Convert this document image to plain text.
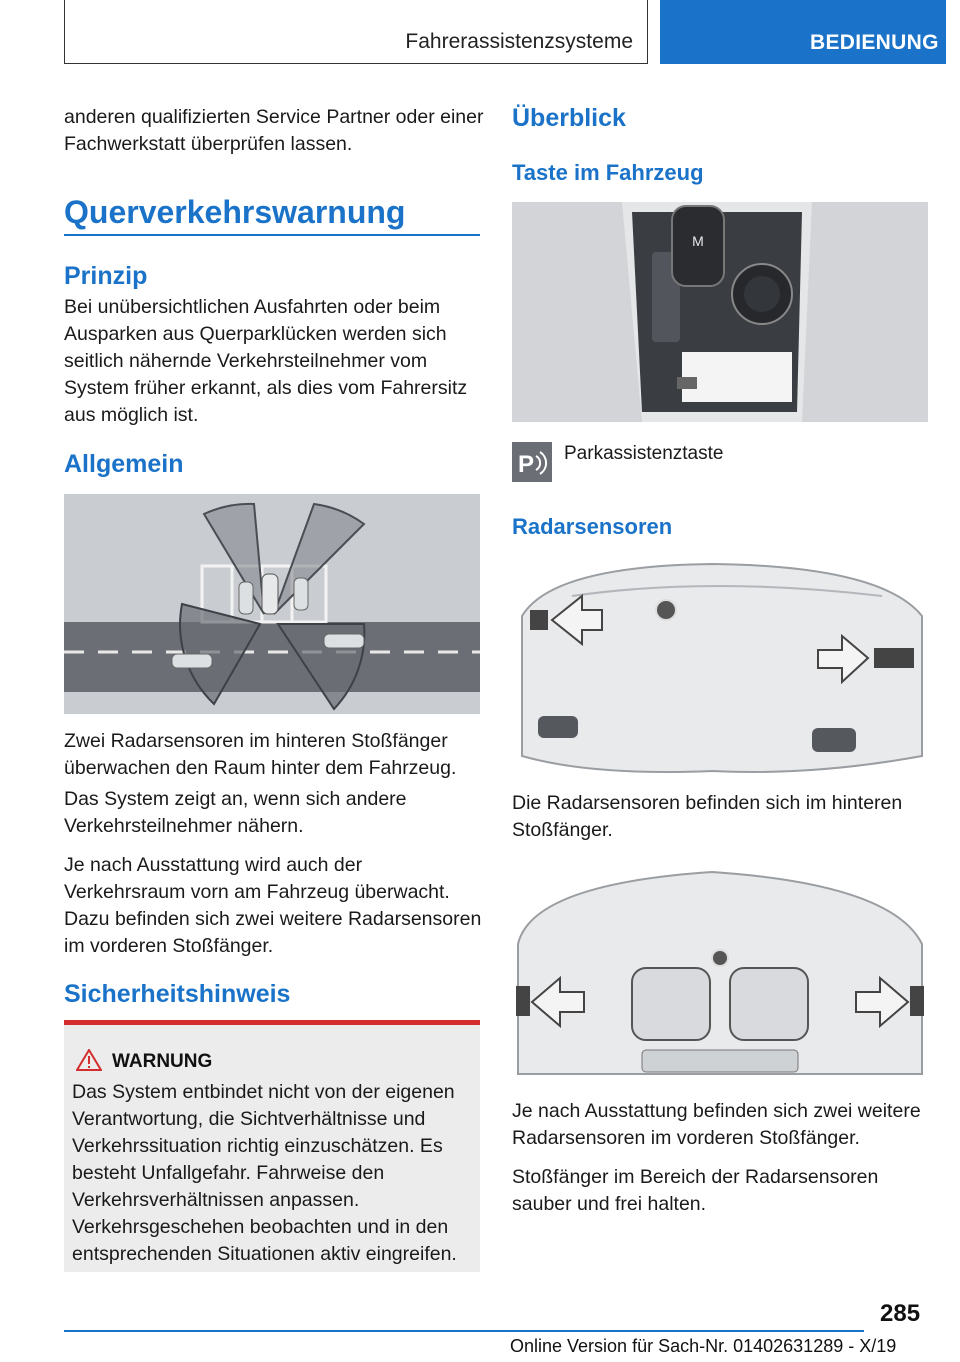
Fahrerassistenzsysteme	BEDIENUNG

anderen qualifizierten Service Partner oder einer Fachwerkstatt überprüfen lassen.

Querverkehrswarnung
Prinzip

Bei unübersichtlichen Ausfahrten oder beim Ausparken aus Querparklücken werden sich seitlich nähernde Verkehrsteilnehmer vom System früher erkannt, als dies vom Fahrersitz aus möglich ist.

Allgemein

Zwei Radarsensoren im hinteren Stoßfänger überwachen den Raum hinter dem Fahrzeug.

Das System zeigt an, wenn sich andere Verkehrsteilnehmer nähern.

Je nach Ausstattung wird auch der Verkehrsraum vorn am Fahrzeug überwacht. Dazu befinden sich zwei weitere Radarsensoren im vorderen Stoßfänger.

Sicherheitshinweis
WARNUNG

Das System entbindet nicht von der eigenen Verantwortung, die Sichtverhältnisse und Verkehrssituation richtig einzuschätzen. Es besteht Unfallgefahr. Fahrweise den Verkehrsverhältnissen anpassen. Verkehrsgeschehen beobachten und in den entsprechenden Situationen aktiv eingreifen.

Überblick
Taste im Fahrzeug
M
P Parkassistenztaste
Radarsensoren

Die Radarsensoren befinden sich im hinteren Stoßfänger.

Je nach Ausstattung befinden sich zwei weitere Radarsensoren im vorderen Stoßfänger.

Stoßfänger im Bereich der Radarsensoren sauber und frei halten.

285
Online Version für Sach-Nr. 01402631289 - X/19
